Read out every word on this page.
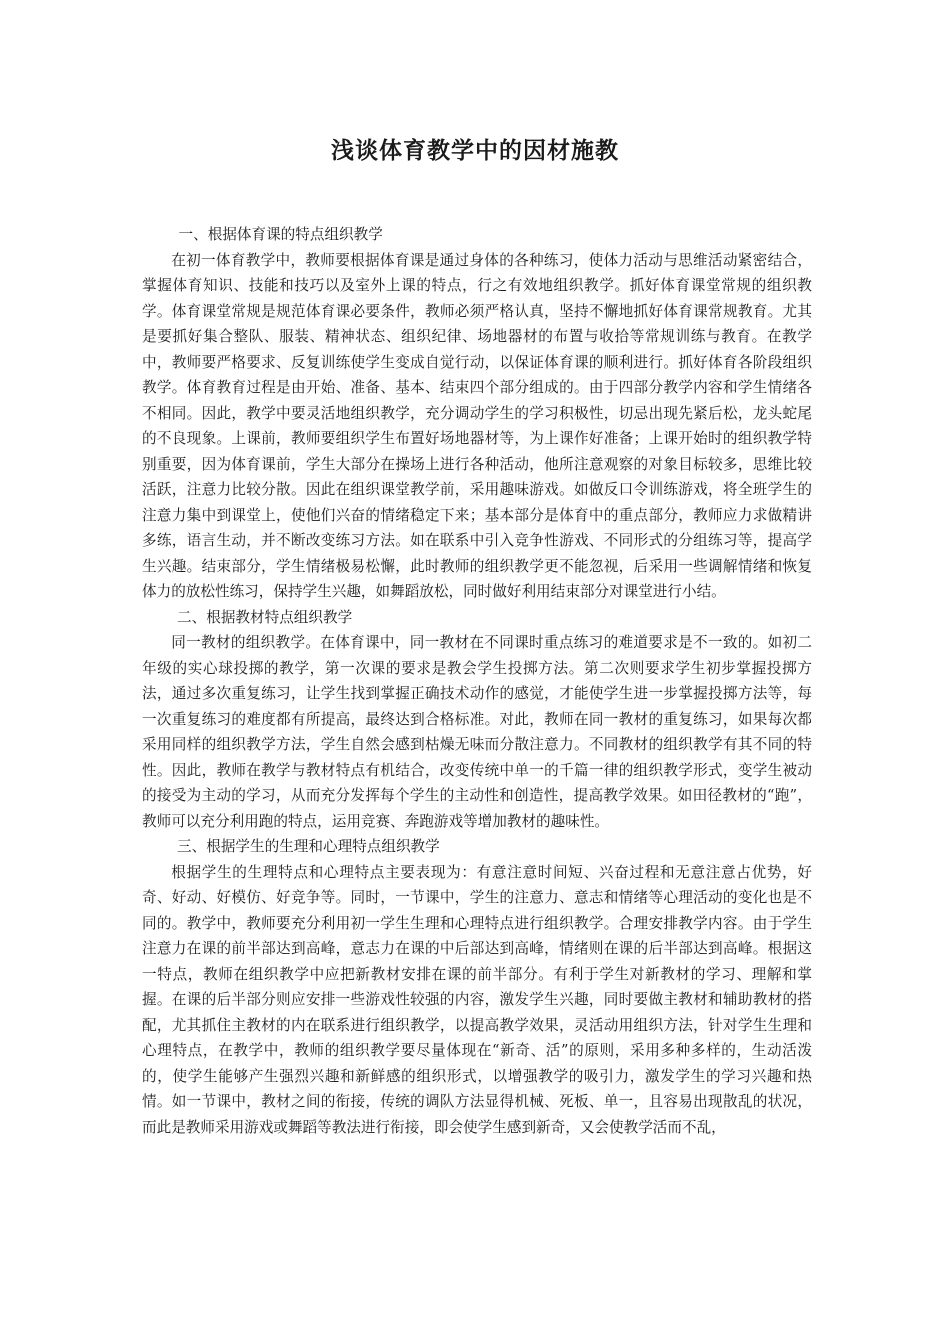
浅谈体育教学中的因材施教

一、根据体育课的特点组织教学

在初一体育教学中，教师要根据体育课是通过身体的各种练习，使体力活动与思维活动紧密结合，掌握体育知识、技能和技巧以及室外上课的特点，行之有效地组织教学。抓好体育课堂常规的组织教学。体育课堂常规是规范体育课必要条件，教师必须严格认真，坚持不懈地抓好体育课常规教育。尤其是要抓好集合整队、服装、精神状态、组织纪律、场地器材的布置与收拾等常规训练与教育。在教学中，教师要严格要求、反复训练使学生变成自觉行动，以保证体育课的顺利进行。抓好体育各阶段组织教学。体育教育过程是由开始、准备、基本、结束四个部分组成的。由于四部分教学内容和学生情绪各不相同。因此，教学中要灵活地组织教学，充分调动学生的学习积极性，切忌出现先紧后松，龙头蛇尾的不良现象。上课前，教师要组织学生布置好场地器材等，为上课作好准备；上课开始时的组织教学特别重要，因为体育课前，学生大部分在操场上进行各种活动，他所注意观察的对象目标较多，思维比较活跃，注意力比较分散。因此在组织课堂教学前，采用趣味游戏。如做反口令训练游戏，将全班学生的注意力集中到课堂上，使他们兴奋的情绪稳定下来；基本部分是体育中的重点部分，教师应力求做精讲多练，语言生动，并不断改变练习方法。如在联系中引入竞争性游戏、不同形式的分组练习等，提高学生兴趣。结束部分，学生情绪极易松懈，此时教师的组织教学更不能忽视，后采用一些调解情绪和恢复体力的放松性练习，保持学生兴趣，如舞蹈放松，同时做好利用结束部分对课堂进行小结。

二、根据教材特点组织教学

同一教材的组织教学。在体育课中，同一教材在不同课时重点练习的难道要求是不一致的。如初二年级的实心球投掷的教学，第一次课的要求是教会学生投掷方法。第二次则要求学生初步掌握投掷方法，通过多次重复练习，让学生找到掌握正确技术动作的感觉，才能使学生进一步掌握投掷方法等，每一次重复练习的难度都有所提高，最终达到合格标准。对此，教师在同一教材的重复练习，如果每次都采用同样的组织教学方法，学生自然会感到枯燥无味而分散注意力。不同教材的组织教学有其不同的特性。因此，教师在教学与教材特点有机结合，改变传统中单一的千篇一律的组织教学形式，变学生被动的接受为主动的学习，从而充分发挥每个学生的主动性和创造性，提高教学效果。如田径教材的“跑”，教师可以充分利用跑的特点，运用竞赛、奔跑游戏等增加教材的趣味性。

三、根据学生的生理和心理特点组织教学

根据学生的生理特点和心理特点主要表现为：有意注意时间短、兴奋过程和无意注意占优势，好奇、好动、好模仿、好竞争等。同时，一节课中，学生的注意力、意志和情绪等心理活动的变化也是不同的。教学中，教师要充分利用初一学生生理和心理特点进行组织教学。合理安排教学内容。由于学生注意力在课的前半部达到高峰，意志力在课的中后部达到高峰，情绪则在课的后半部达到高峰。根据这一特点，教师在组织教学中应把新教材安排在课的前半部分。有利于学生对新教材的学习、理解和掌握。在课的后半部分则应安排一些游戏性较强的内容，激发学生兴趣，同时要做主教材和辅助教材的搭配，尤其抓住主教材的内在联系进行组织教学，以提高教学效果，灵活动用组织方法，针对学生生理和心理特点，在教学中，教师的组织教学要尽量体现在“新奇、活”的原则，采用多种多样的，生动活泼的，使学生能够产生强烈兴趣和新鲜感的组织形式，以增强教学的吸引力，激发学生的学习兴趣和热情。如一节课中，教材之间的衔接，传统的调队方法显得机械、死板、单一，且容易出现散乱的状况，而此是教师采用游戏或舞蹈等教法进行衔接，即会使学生感到新奇，又会使教学活而不乱，
